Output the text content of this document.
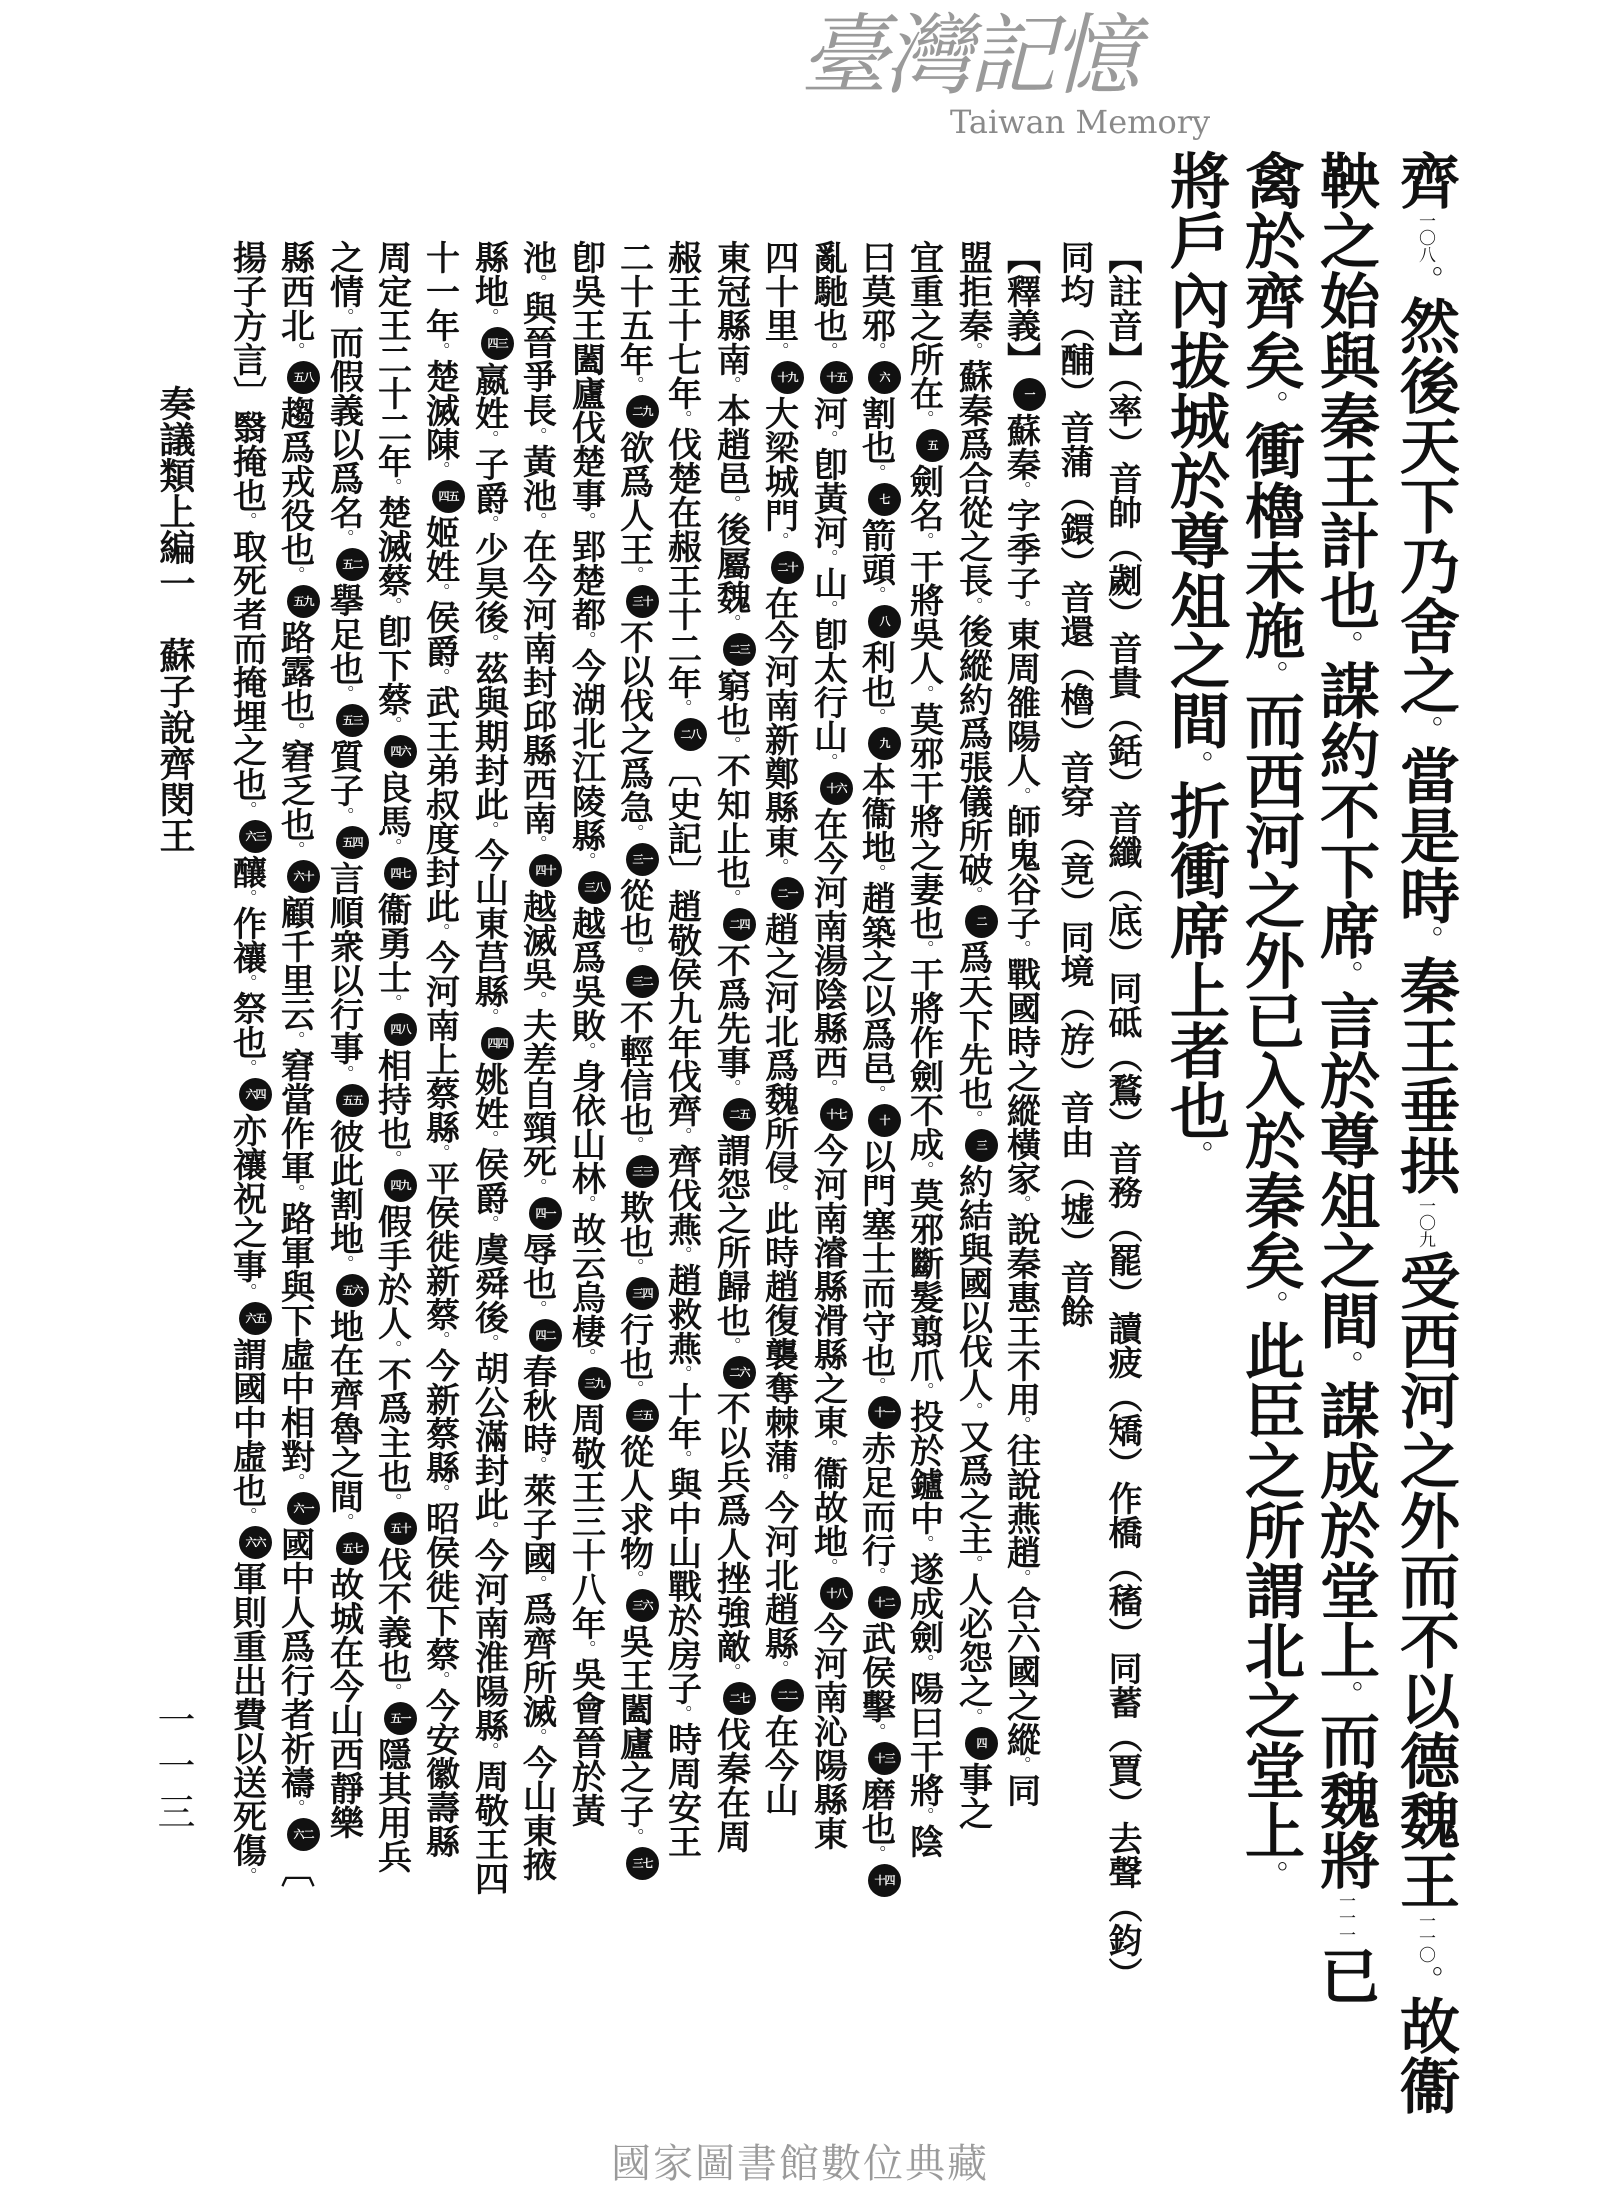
齊一〇八。然後天下乃舍之。當是時。秦王垂拱一〇九受西河之外而不以德魏王一一〇。故衞
鞅之始與秦王計也。謀約不下席。言於尊俎之間。謀成於堂上。而魏將一一一已
禽於齊矣。衝櫓未施。而西河之外已入於秦矣。此臣之所謂北之堂上。
將戶內拔城於尊俎之間。折衝席上者也。
【註音】（率）音帥（劌）音貴（銛）音纖（底）同砥（鶩）音務（罷）讀疲（矯）作橋（稸）同蓄（賈）去聲（鈞）
同均（酺）音蒲（鐶）音還（櫓）音穿（竟）同境（斿）音由（墟）音餘
【釋義】一蘇秦。字季子。東周雒陽人。師鬼谷子。戰國時之縱橫家。說秦惠王不用。往說燕趙。合六國之縱。同
盟拒秦。蘇秦爲合從之長。後縱約爲張儀所破。二爲天下先也。三約結與國以伐人。又爲之主。人必怨之。四事之
宜重之所在。五劍名。干將吳人。莫邪干將之妻也。干將作劍不成。莫邪斷髮翦爪。投於鑪中。遂成劍。陽曰干將。陰
曰莫邪。六割也。七箭頭。八利也。九本衞地。趙築之以爲邑。十以門塞士而守也。十一赤足而行。十二武侯擊。十三磨也。十四
亂馳也。十五河。卽黃河。山。卽太行山。十六在今河南湯陰縣西。十七今河南濬縣滑縣之東。衞故地。十八今河南沁陽縣東
四十里。十九大梁城門。二十在今河南新鄭縣東。二一趙之河北爲魏所侵。此時趙復襲奪棘蒲。今河北趙縣。二二在今山
東冠縣南。本趙邑。後屬魏。二三窮也。不知止也。二四不爲先事。二五謂怨之所歸也。二六不以兵爲人挫強敵。二七伐秦在周
赧王十七年。伐楚在赧王十二年。二八〔史記〕趙敬侯九年伐齊。齊伐燕。趙救燕。十年。與中山戰於房子。時周安王
二十五年。二九欲爲人王。三十不以伐之爲急。三一從也。三二不輕信也。三三欺也。三四行也。三五從人求物。三六吳王闔廬之子。三七
卽吳王闔廬伐楚事。郢楚都。今湖北江陵縣。三八越爲吳敗。身依山林。故云烏棲。三九周敬王三十八年。吳會晉於黃
池。與晉爭長。黃池。在今河南封邱縣西南。四十越滅吳。夫差自頸死。四一辱也。四二春秋時。萊子國。爲齊所滅。今山東掖
縣地。四三嬴姓。子爵。少昊後。茲與期封此。今山東莒縣。四四姚姓。侯爵。虞舜後。胡公滿封此。今河南淮陽縣。周敬王四
十一年。楚滅陳。四五姬姓。侯爵。武王弟叔度封此。今河南上蔡縣。平侯徙新蔡。今新蔡縣。昭侯徙下蔡。今安徽壽縣
周定王二十二年。楚滅蔡。卽下蔡。四六良馬。四七衞勇士。四八相持也。四九假手於人。不爲主也。五十伐不義也。五一隱其用兵
之情。而假義以爲名。五二擧足也。五三質子。五四言順衆以行事。五五彼此割地。五六地在齊魯之間。五七故城在今山西靜樂
縣西北。五八趨爲戎役也。五九路露也。窘乏也。六十顧千里云。窘當作軍。路軍與下虛中相對。六一國中人爲行者祈禱。六二〔
揚子方言〕翳掩也。取死者而掩埋之也。六三釀。作禳。祭也。六四亦禳祝之事。六五謂國中虛也。六六軍則重出費以送死傷。
奏議類上編一　蘇子說齊閔王
一一三
臺灣記憶
Taiwan Memory
國家圖書館數位典藏
